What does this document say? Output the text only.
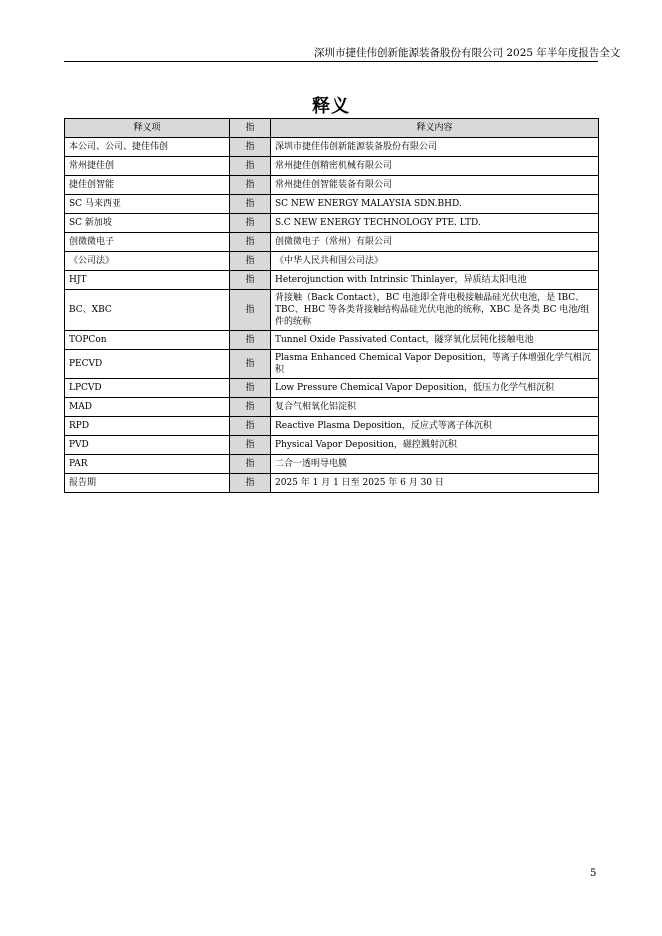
深圳市捷佳伟创新能源装备股份有限公司 2025 年半年度报告全文
释义
释义项	指	释义内容
本公司、公司、捷佳伟创	指	深圳市捷佳伟创新能源装备股份有限公司
常州捷佳创	指	常州捷佳创精密机械有限公司
捷佳创智能	指	常州捷佳创智能装备有限公司
SC 马来西亚	指	SC NEW ENERGY MALAYSIA SDN.BHD.
SC 新加坡	指	S.C NEW ENERGY TECHNOLOGY PTE. LTD.
创微微电子	指	创微微电子（常州）有限公司
《公司法》	指	《中华人民共和国公司法》
HJT	指	Heterojunction with Intrinsic Thinlayer，异质结太阳电池
BC、XBC	指	背接触（Back Contact），BC 电池即全背电极接触晶硅光伏电池，是 IBC、TBC、HBC 等各类背接触结构晶硅光伏电池的统称，XBC 是各类 BC 电池/组件的统称
TOPCon	指	Tunnel Oxide Passivated Contact，隧穿氧化层钝化接触电池
PECVD	指	Plasma Enhanced Chemical Vapor Deposition，等离子体增强化学气相沉积
LPCVD	指	Low Pressure Chemical Vapor Deposition，低压力化学气相沉积
MAD	指	复合气相氧化铝淀积
RPD	指	Reactive Plasma Deposition，反应式等离子体沉积
PVD	指	Physical Vapor Deposition，磁控溅射沉积
PAR	指	二合一透明导电膜
报告期	指	2025 年 1 月 1 日至 2025 年 6 月 30 日
5
